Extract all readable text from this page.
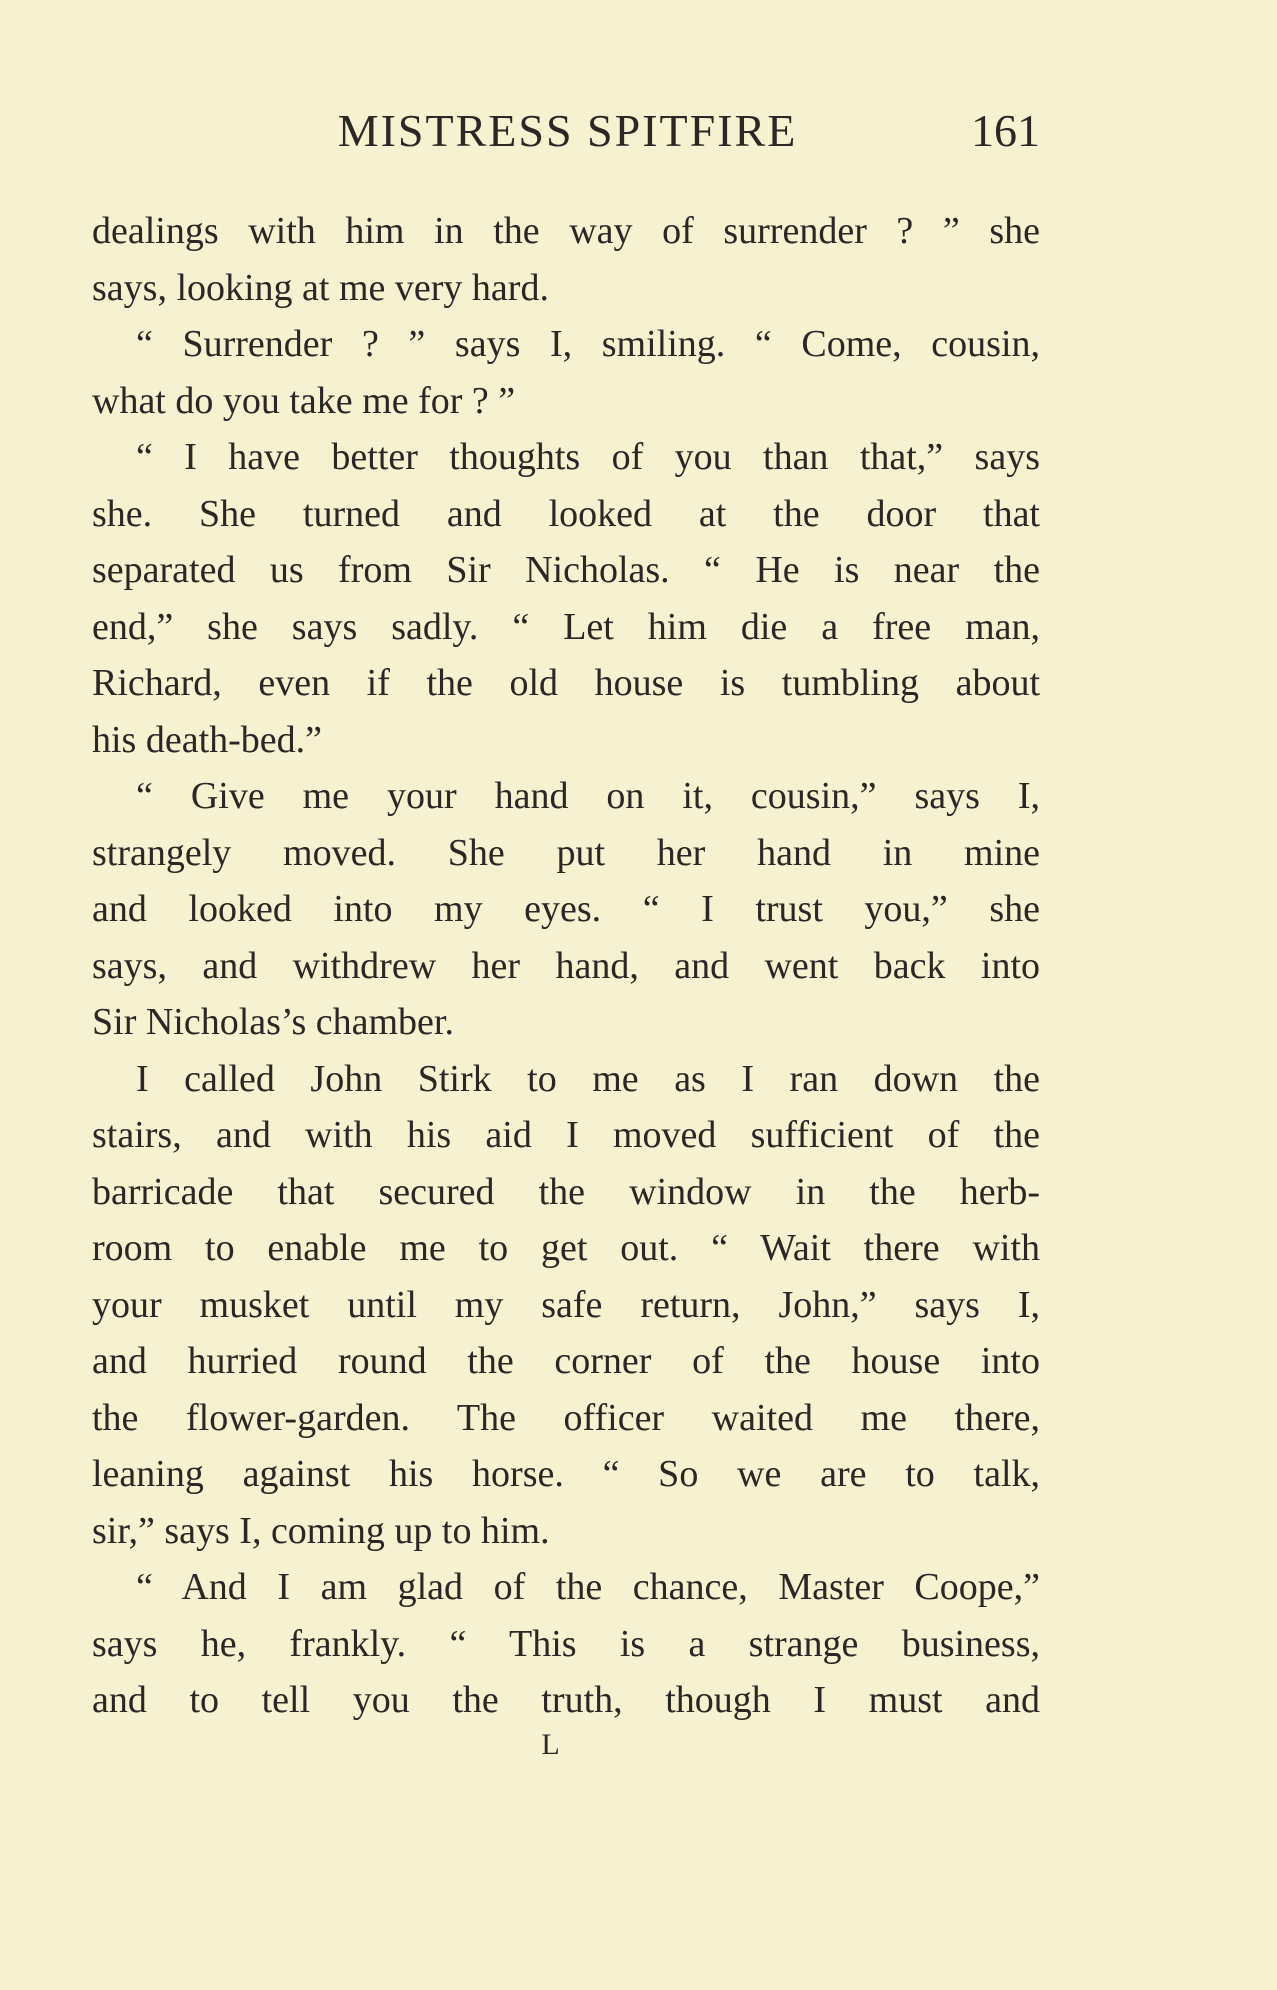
MISTRESS SPITFIRE	161
dealings with him in the way of surrender ? ” she
says, looking at me very hard.
“ Surrender ? ” says I, smiling. “ Come, cousin,
what do you take me for ? ”
“ I have better thoughts of you than that,” says
she. She turned and looked at the door that
separated us from Sir Nicholas. “ He is near the
end,” she says sadly. “ Let him die a free man,
Richard, even if the old house is tumbling about
his death-bed.”
“ Give me your hand on it, cousin,” says I,
strangely moved. She put her hand in mine
and looked into my eyes. “ I trust you,” she
says, and withdrew her hand, and went back into
Sir Nicholas’s chamber.
I called John Stirk to me as I ran down the
stairs, and with his aid I moved sufficient of the
barricade that secured the window in the herb-
room to enable me to get out. “ Wait there with
your musket until my safe return, John,” says I,
and hurried round the corner of the house into
the flower-garden. The officer waited me there,
leaning against his horse. “ So we are to talk,
sir,” says I, coming up to him.
“ And I am glad of the chance, Master Coope,”
says he, frankly. “ This is a strange business,
and to tell you the truth, though I must and
L
